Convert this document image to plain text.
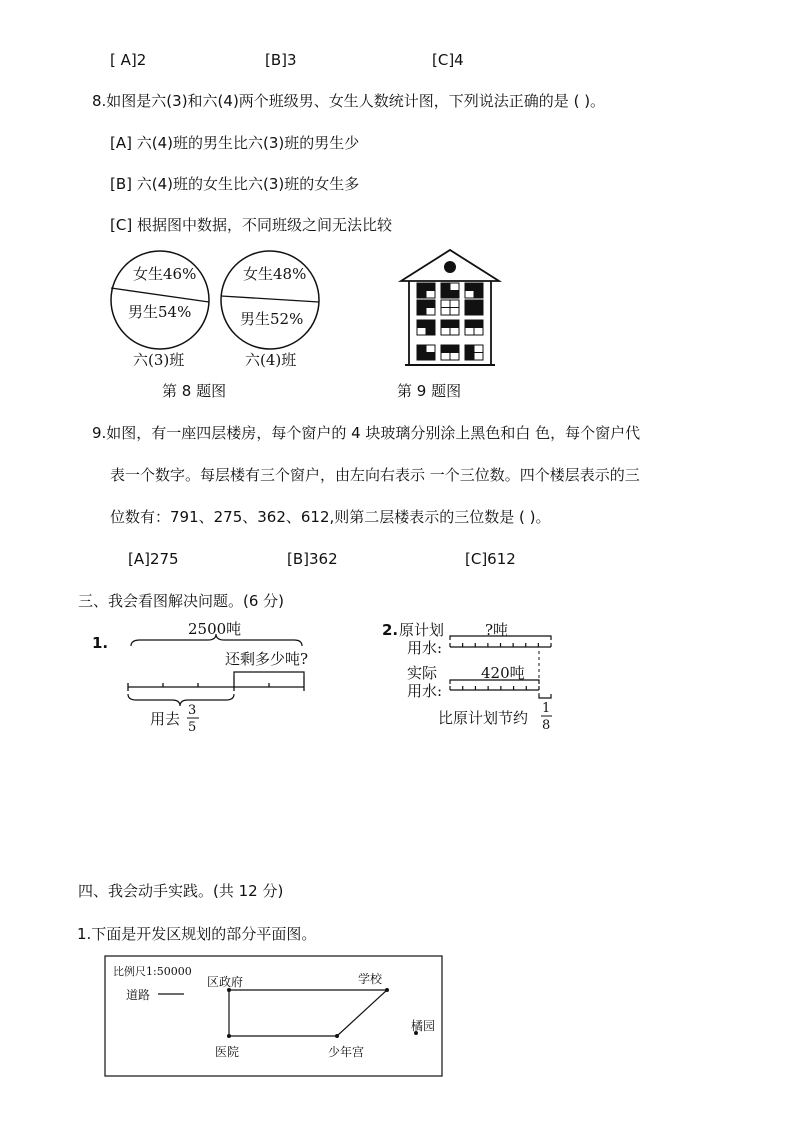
[ A]2	[B]3	[C]4
8.如图是六(3)和六(4)两个班级男、女生人数统计图，下列说法正确的是 ( )。
[A] 六(4)班的男生比六(3)班的男生少
[B] 六(4)班的女生比六(3)班的女生多
[C] 根据图中数据，不同班级之间无法比较
女生46%
男生54%
六(3)班
女生48%
男生52%
六(4)班
第 8 题图	第 9 题图
9.如图，有一座四层楼房，每个窗户的 4 块玻璃分别涂上黑色和白 色，每个窗户代
表一个数字。每层楼有三个窗户，由左向右表示 一个三位数。四个楼层表示的三
位数有：791、275、362、612,则第二层楼表示的三位数是 ( )。
[A]275	[B]362	[C]612
三、我会看图解决问题。(6 分)
1.
2500吨
还剩多少吨?
用去 3
5
2. 原计划
用水:
?吨
实际
用水:
420吨
比原计划节约
1
8
四、我会动手实践。(共 12 分)
1.下面是开发区规划的部分平面图。
比例尺1:50000
道路
区政府	学校
医院	少年宫
橘园
